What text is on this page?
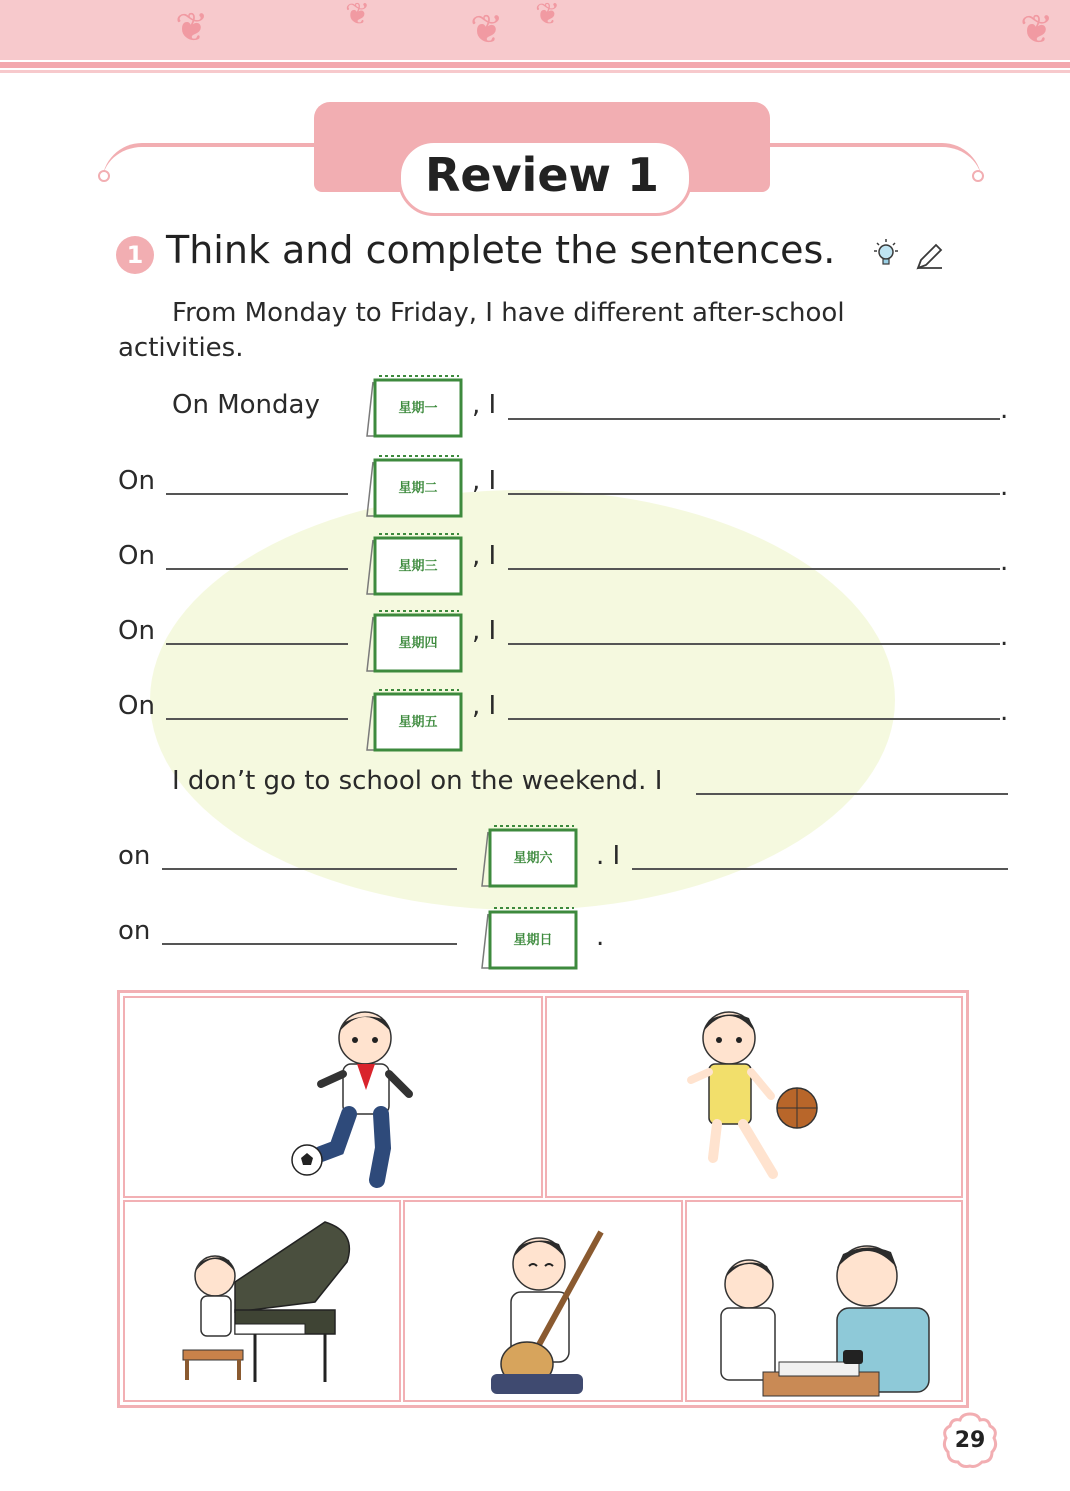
❦	❦ ❦ ❦	❦
Review 1
1 Think and complete the sentences.
From Monday to Friday, I have different after-school
activities.
On Monday	, I	.
On	, I	.
On	, I	.
On	, I	.
On	, I	.
I don’t go to school on the weekend. I
on	. I
on	.
星期一
星期二
星期三
星期四
星期五
星期六
星期日
29
